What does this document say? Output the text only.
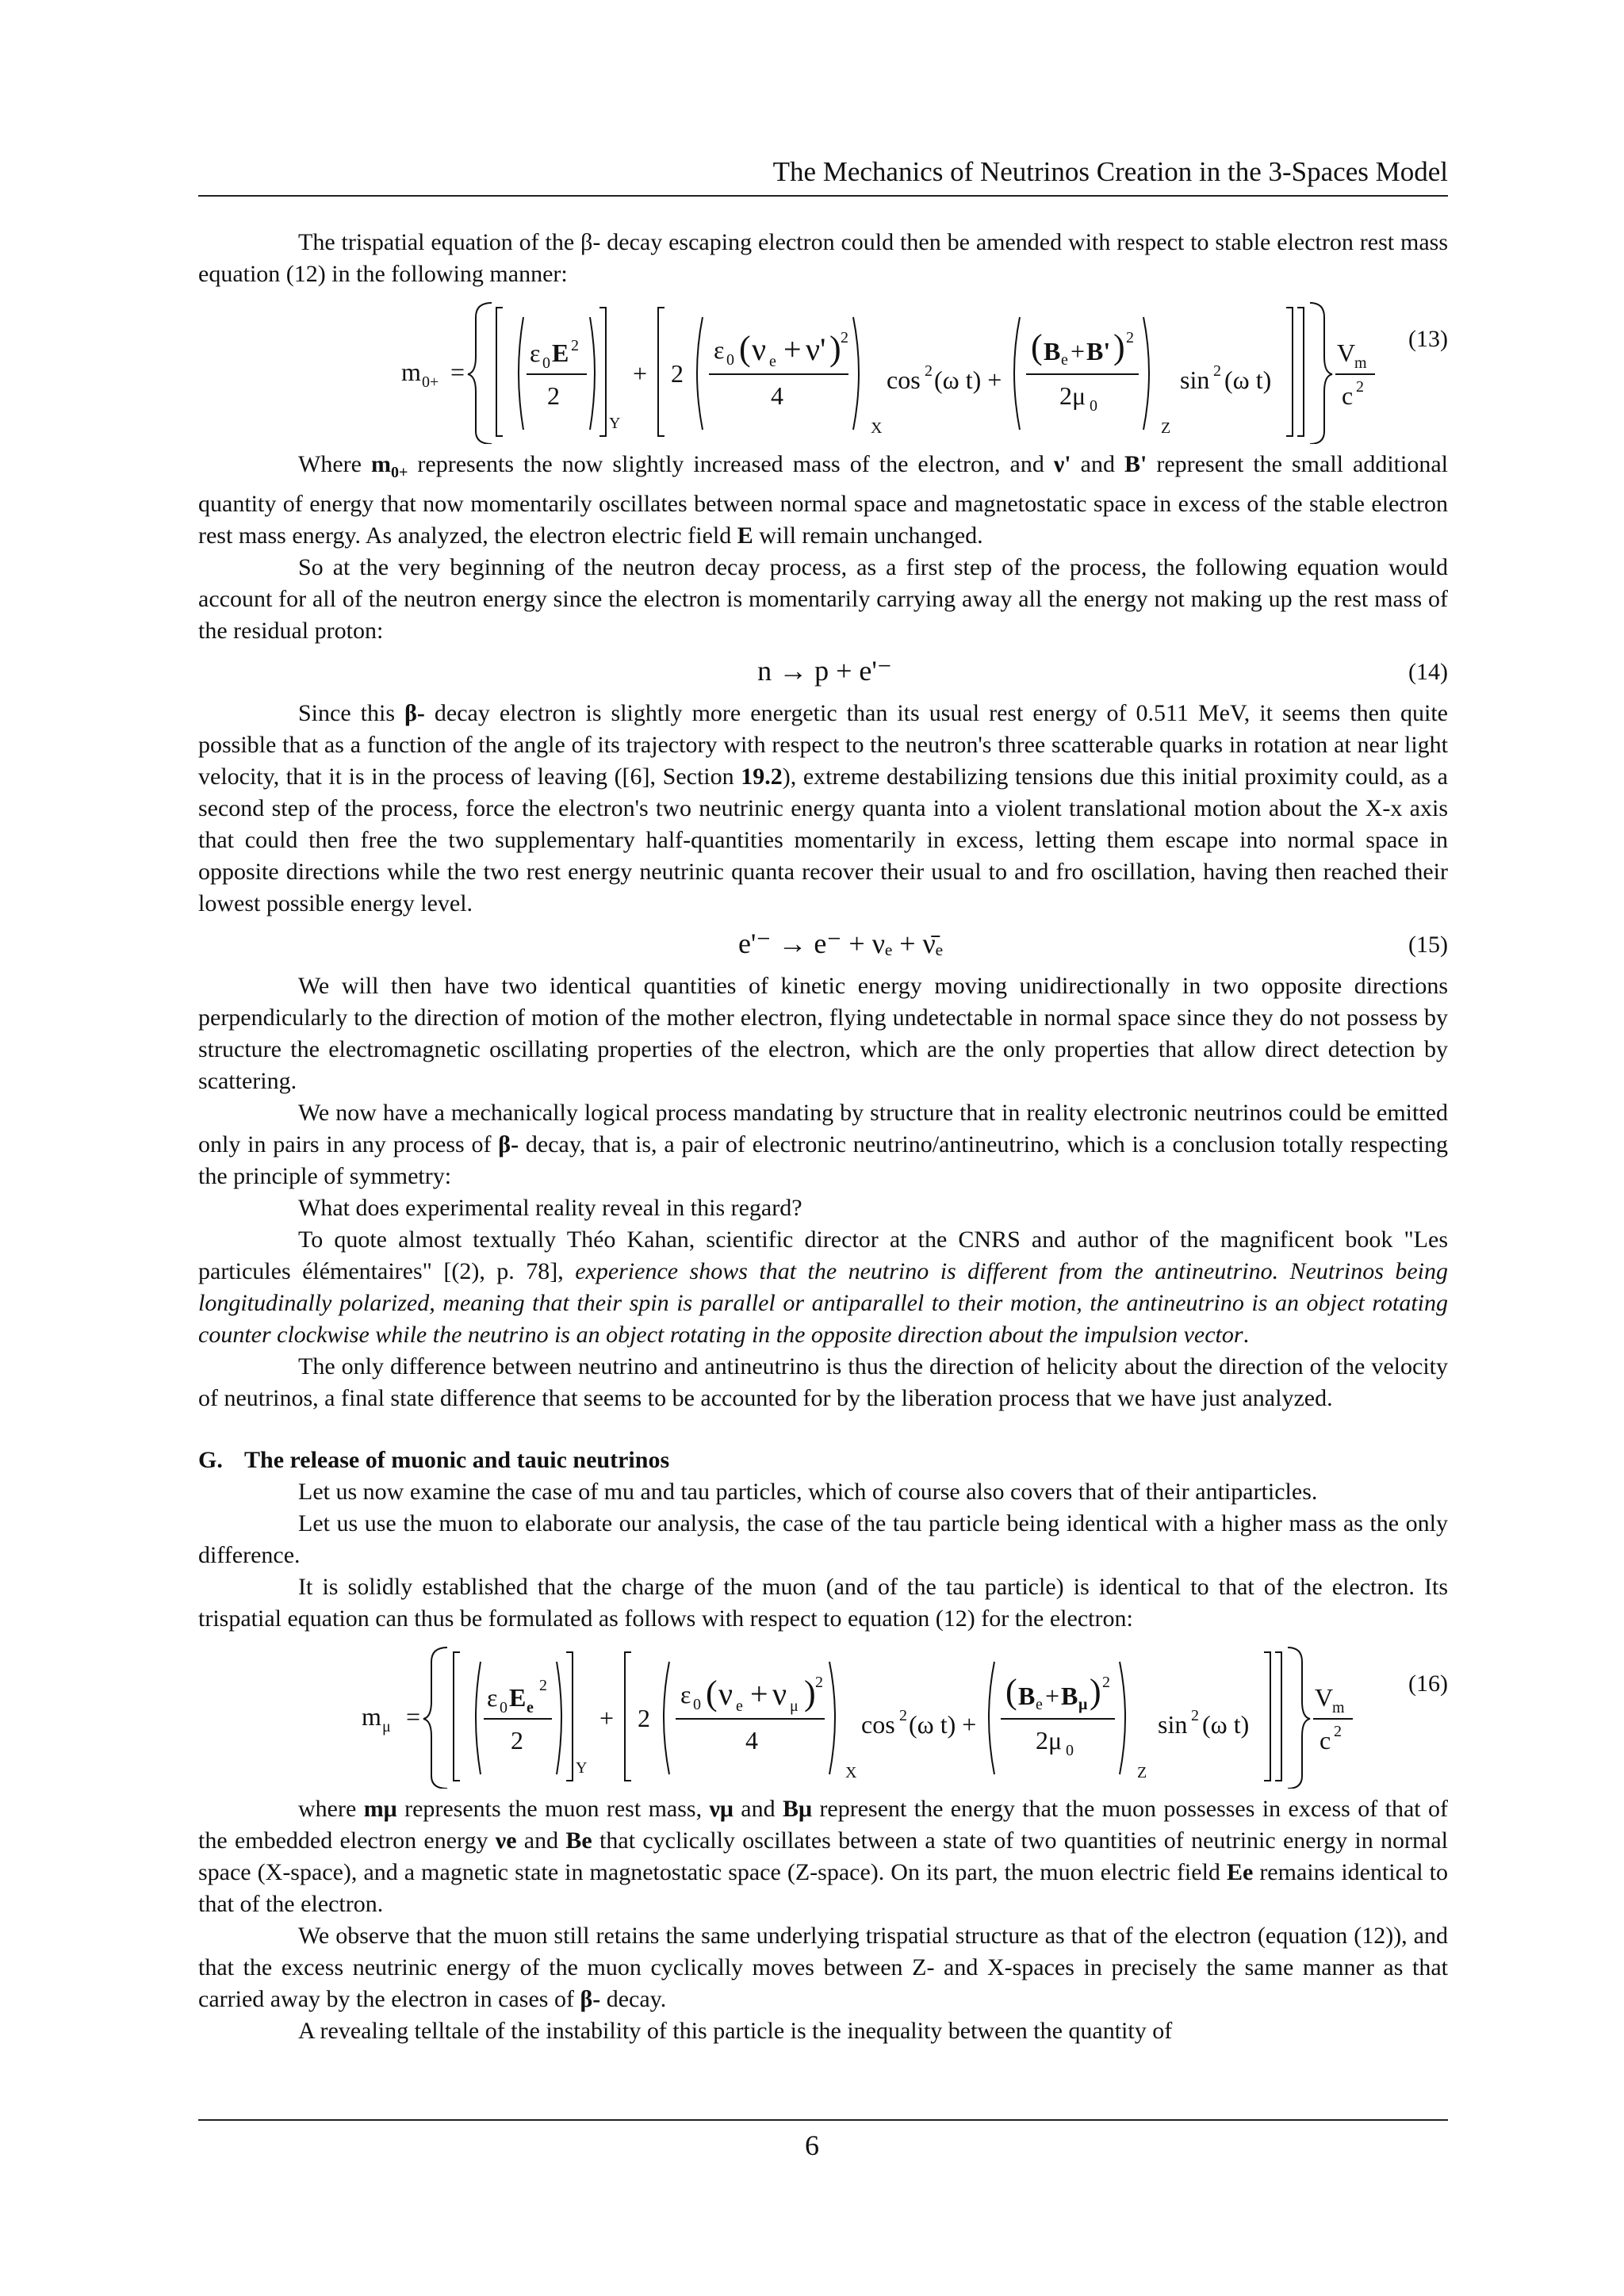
The Mechanics of Neutrinos Creation in the 3-Spaces Model

The trispatial equation of the β- decay escaping electron could then be amended with respect to stable electron rest mass equation (12) in the following manner:

m 0+ =
ε 0 E 2
2
Y
+ 2
ε 0 ( ν e + ν' ) 2
4
X
cos 2 (ω t) +
( B e + B' ) 2
2μ 0
Z
sin 2 (ω t)
V
m
c 2
(13)

Where $m_{0+}$ represents the now slightly increased mass of the electron, and ν' and B' represent the small additional quantity of energy that now momentarily oscillates between normal space and magnetostatic space in excess of the stable electron rest mass energy. As analyzed, the electron electric field E will remain unchanged.

So at the very beginning of the neutron decay process, as a first step of the process, the following equation would account for all of the neutron energy since the electron is momentarily carrying away all the energy not making up the rest mass of the residual proton:

n → p + e'⁻	(14)

Since this β- decay electron is slightly more energetic than its usual rest energy of 0.511 MeV, it seems then quite possible that as a function of the angle of its trajectory with respect to the neutron's three scatterable quarks in rotation at near light velocity, that it is in the process of leaving ([6], Section 19.2), extreme destabilizing tensions due this initial proximity could, as a second step of the process, force the electron's two neutrinic energy quanta into a violent translational motion about the X-x axis that could then free the two supplementary half-quantities momentarily in excess, letting them escape into normal space in opposite directions while the two rest energy neutrinic quanta recover their usual to and fro oscillation, having then reached their lowest possible energy level.

e'⁻ → e⁻ + νₑ + ν̄ₑ	(15)

We will then have two identical quantities of kinetic energy moving unidirectionally in two opposite directions perpendicularly to the direction of motion of the mother electron, flying undetectable in normal space since they do not possess by structure the electromagnetic oscillating properties of the electron, which are the only properties that allow direct detection by scattering.

We now have a mechanically logical process mandating by structure that in reality electronic neutrinos could be emitted only in pairs in any process of β- decay, that is, a pair of electronic neutrino/antineutrino, which is a conclusion totally respecting the principle of symmetry:

What does experimental reality reveal in this regard?

To quote almost textually Théo Kahan, scientific director at the CNRS and author of the magnificent book "Les particules élémentaires" [(2), p. 78], experience shows that the neutrino is different from the antineutrino. Neutrinos being longitudinally polarized, meaning that their spin is parallel or antiparallel to their motion, the antineutrino is an object rotating counter clockwise while the neutrino is an object rotating in the opposite direction about the impulsion vector.

The only difference between neutrino and antineutrino is thus the direction of helicity about the direction of the velocity of neutrinos, a final state difference that seems to be accounted for by the liberation process that we have just analyzed.

G. The release of muonic and tauic neutrinos

Let us now examine the case of mu and tau particles, which of course also covers that of their antiparticles.

Let us use the muon to elaborate our analysis, the case of the tau particle being identical with a higher mass as the only difference.

It is solidly established that the charge of the muon (and of the tau particle) is identical to that of the electron. Its trispatial equation can thus be formulated as follows with respect to equation (12) for the electron:

m μ =
ε 0 E e
2
2
Y
+ 2
ε 0 ( ν e + ν μ ) 2
4
X
cos 2 (ω t) +
( B e + B μ ) 2
2μ 0
Z
sin 2 (ω t)
V
m
c 2
(16)

where mμ represents the muon rest mass, νμ and Bμ represent the energy that the muon possesses in excess of that of the embedded electron energy νe and Be that cyclically oscillates between a state of two quantities of neutrinic energy in normal space (X-space), and a magnetic state in magnetostatic space (Z-space). On its part, the muon electric field Ee remains identical to that of the electron.

We observe that the muon still retains the same underlying trispatial structure as that of the electron (equation (12)), and that the excess neutrinic energy of the muon cyclically moves between Z- and X-spaces in precisely the same manner as that carried away by the electron in cases of β- decay.

A revealing telltale of the instability of this particle is the inequality between the quantity of

6
